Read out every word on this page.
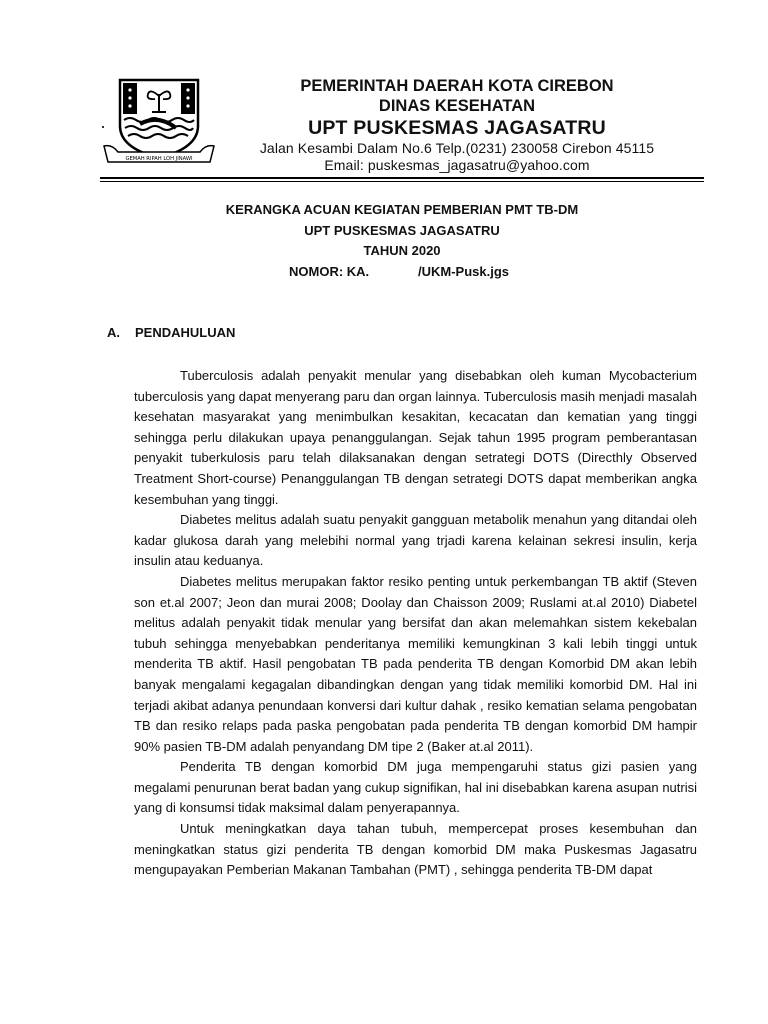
GEMAH RIPAH LOH JINAWI
PEMERINTAH DAERAH KOTA CIREBON
DINAS KESEHATAN
UPT PUSKESMAS JAGASATRU
Jalan Kesambi Dalam No.6 Telp.(0231) 230058 Cirebon 45115
Email: puskesmas_jagasatru@yahoo.com
KERANGKA ACUAN KEGIATAN PEMBERIAN PMT TB-DM
UPT PUSKESMAS JAGASATRU
TAHUN 2020
NOMOR: KA.	/UKM-Pusk.jgs
A. PENDAHULUAN

Tuberculosis adalah penyakit menular yang disebabkan oleh kuman Mycobacterium tuberculosis yang dapat menyerang paru dan organ lainnya. Tuberculosis masih menjadi masalah kesehatan masyarakat yang menimbulkan kesakitan, kecacatan dan kematian yang tinggi sehingga perlu dilakukan upaya penanggulangan. Sejak tahun 1995 program pemberantasan penyakit tuberkulosis paru telah dilaksanakan dengan setrategi DOTS (Directhly Observed Treatment Short-course) Penanggulangan TB dengan setrategi DOTS dapat memberikan angka kesembuhan yang tinggi.

Diabetes melitus adalah suatu penyakit gangguan metabolik menahun yang ditandai oleh kadar glukosa darah yang melebihi normal yang trjadi karena kelainan sekresi insulin, kerja insulin atau keduanya.

Diabetes melitus merupakan faktor resiko penting untuk perkembangan TB aktif (Steven son et.al 2007; Jeon dan murai 2008; Doolay dan Chaisson 2009; Ruslami at.al 2010) Diabetel melitus adalah penyakit tidak menular yang bersifat dan akan melemahkan sistem kekebalan tubuh sehingga menyebabkan penderitanya memiliki kemungkinan 3 kali lebih tinggi untuk menderita TB aktif. Hasil pengobatan TB pada penderita TB dengan Komorbid DM akan lebih banyak mengalami kegagalan dibandingkan dengan yang tidak memiliki komorbid DM. Hal ini terjadi akibat adanya penundaan konversi dari kultur dahak , resiko kematian selama pengobatan TB dan resiko relaps pada paska pengobatan pada penderita TB dengan komorbid DM hampir 90% pasien TB-DM adalah penyandang DM tipe 2 (Baker at.al 2011).

Penderita TB dengan komorbid DM juga mempengaruhi status gizi pasien yang megalami penurunan berat badan yang cukup signifikan, hal ini disebabkan karena asupan nutrisi yang di konsumsi tidak maksimal dalam penyerapannya.

Untuk meningkatkan daya tahan tubuh, mempercepat proses kesembuhan dan meningkatkan status gizi penderita TB dengan komorbid DM maka Puskesmas Jagasatru mengupayakan Pemberian Makanan Tambahan (PMT) , sehingga penderita TB-DM dapat
